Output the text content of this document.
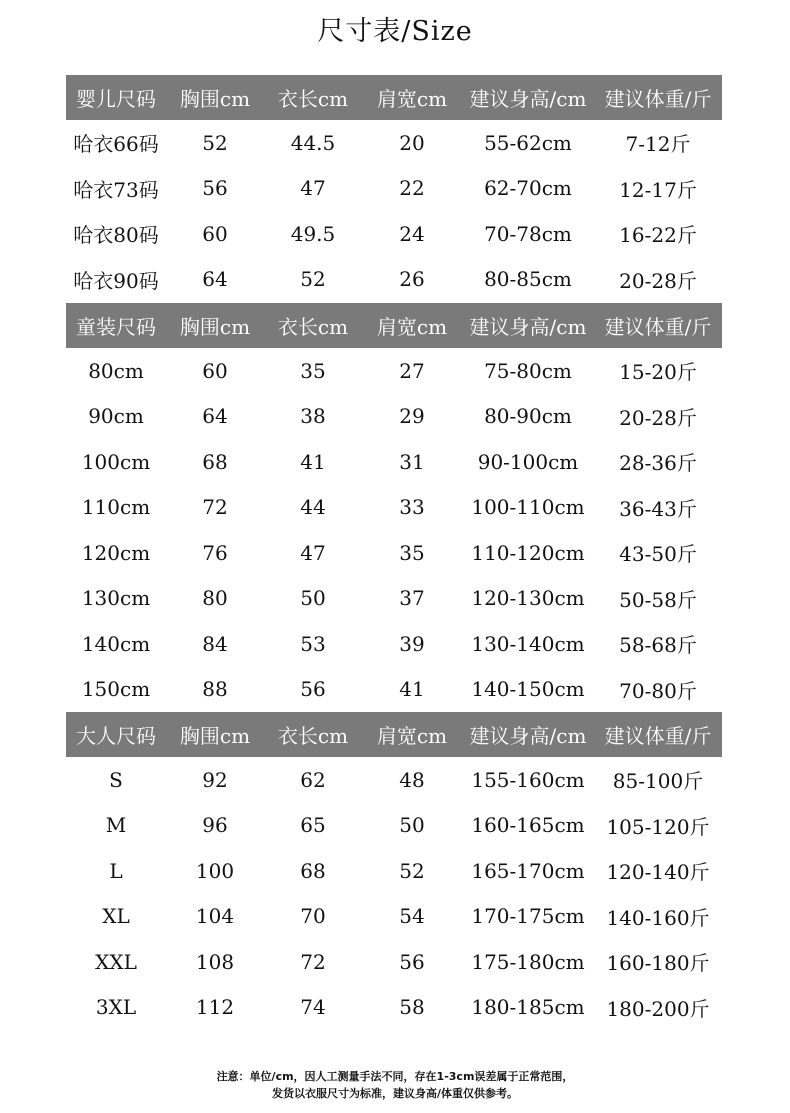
尺寸表/Size
婴儿尺码	胸围cm	衣长cm	肩宽cm	建议身高/cm 建议体重/斤
哈衣66码	52	44.5	20	55-62cm	7-12斤
哈衣73码	56	47	22	62-70cm	12-17斤
哈衣80码	60	49.5	24	70-78cm	16-22斤
哈衣90码	64	52	26	80-85cm	20-28斤
童装尺码	胸围cm	衣长cm	肩宽cm	建议身高/cm 建议体重/斤
80cm	60	35	27	75-80cm	15-20斤
90cm	64	38	29	80-90cm	20-28斤
100cm	68	41	31	90-100cm	28-36斤
110cm	72	44	33	100-110cm	36-43斤
120cm	76	47	35	110-120cm	43-50斤
130cm	80	50	37	120-130cm	50-58斤
140cm	84	53	39	130-140cm	58-68斤
150cm	88	56	41	140-150cm	70-80斤
大人尺码	胸围cm	衣长cm	肩宽cm	建议身高/cm 建议体重/斤
S	92	62	48	155-160cm	85-100斤
M	96	65	50	160-165cm	105-120斤
L	100	68	52	165-170cm	120-140斤
XL	104	70	54	170-175cm	140-160斤
XXL	108	72	56	175-180cm	160-180斤
3XL	112	74	58	180-185cm	180-200斤
注意：单位/cm，因人工测量手法不同，存在1-3cm误差属于正常范围，
发货以衣服尺寸为标准，建议身高/体重仅供参考。
